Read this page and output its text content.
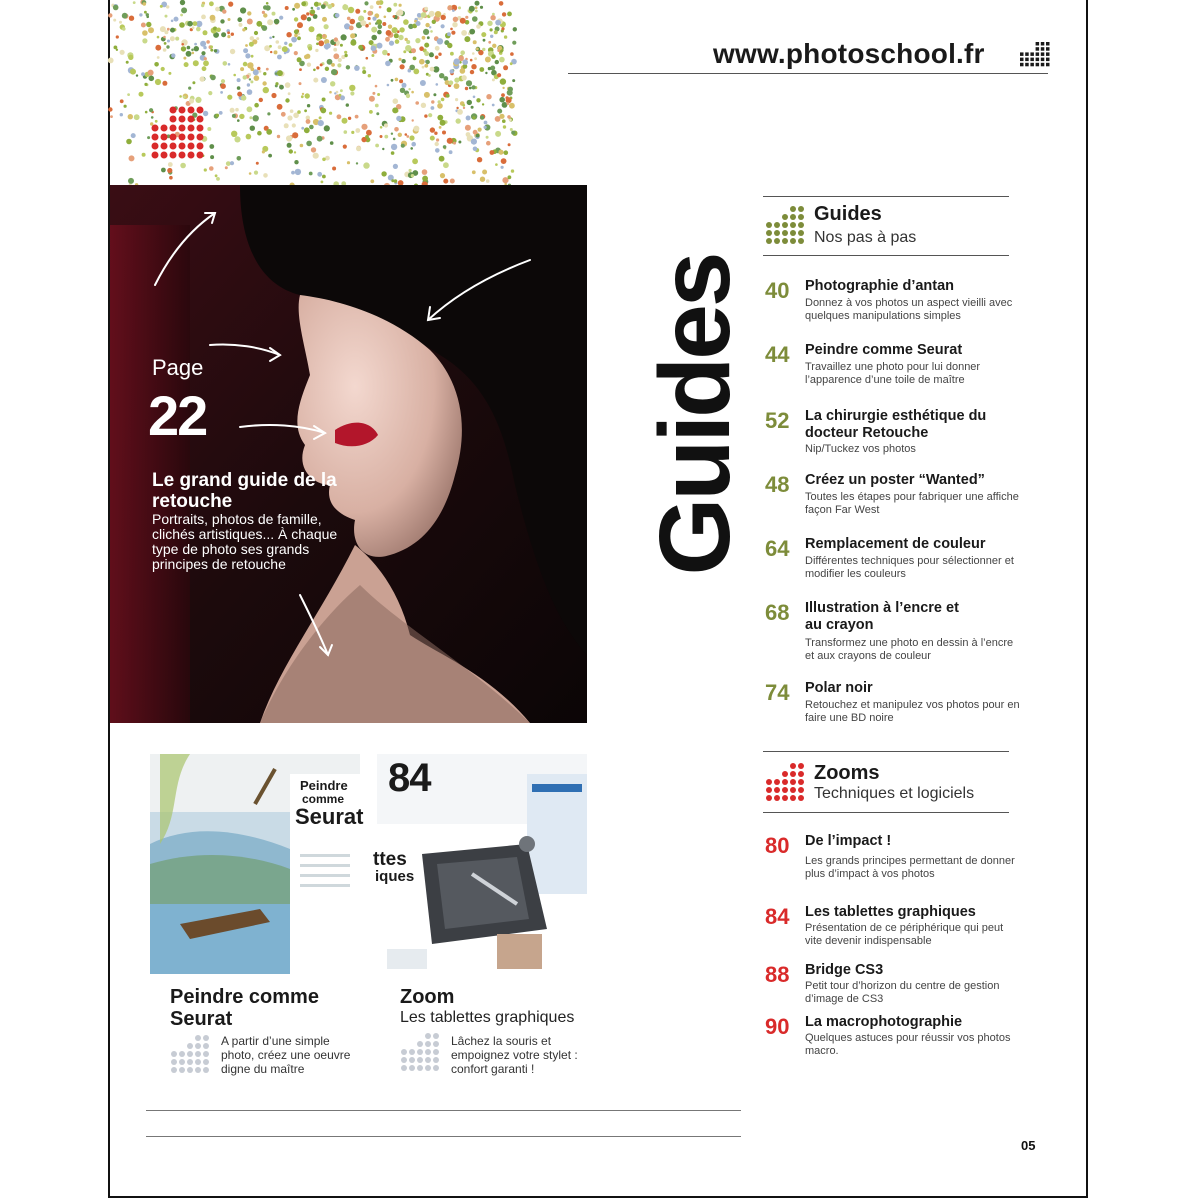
www.photoschool.fr
Page
22
Le grand guide de la retouche
Portraits, photos de famille, clichés artistiques... À chaque type de photo ses grands principes de retouche	Guides
Guides
Nos pas à pas
40 Photographie d’antan
Donnez à vos photos un aspect vieilli avec quelques manipulations simples
44 Peindre comme Seurat
Travaillez une photo pour lui donner l’apparence d’une toile de maître
52 La chirurgie esthétique du docteur Retouche
Nip/Tuckez vos photos
48 Créez un poster “Wanted”
Toutes les étapes pour fabriquer une affiche façon Far West
64 Remplacement de couleur
Différentes techniques pour sélectionner et modifier les couleurs
68 Illustration à l’encre et au crayon
Transformez une photo en dessin à l’encre et aux crayons de couleur
74 Polar noir
Retouchez et manipulez vos photos pour en faire une BD noire
Zooms
Techniques et logiciels
80 De l’impact !
Les grands principes permettant de donner plus d’impact à vos photos
84 Les tablettes graphiques
Présentation de ce périphérique qui peut vite devenir indispensable
88 Bridge CS3
Petit tour d’horizon du centre de gestion d’image de CS3
90 La macrophotographie
Quelques astuces pour réussir vos photos macro.
Peindre
comme
Seurat
Peindre comme Seurat
A partir d’une simple photo, créez une oeuvre digne du maître
ttes
iques
84
Zoom
Les tablettes graphiques
Lâchez la souris et empoignez votre stylet : confort garanti !
05
